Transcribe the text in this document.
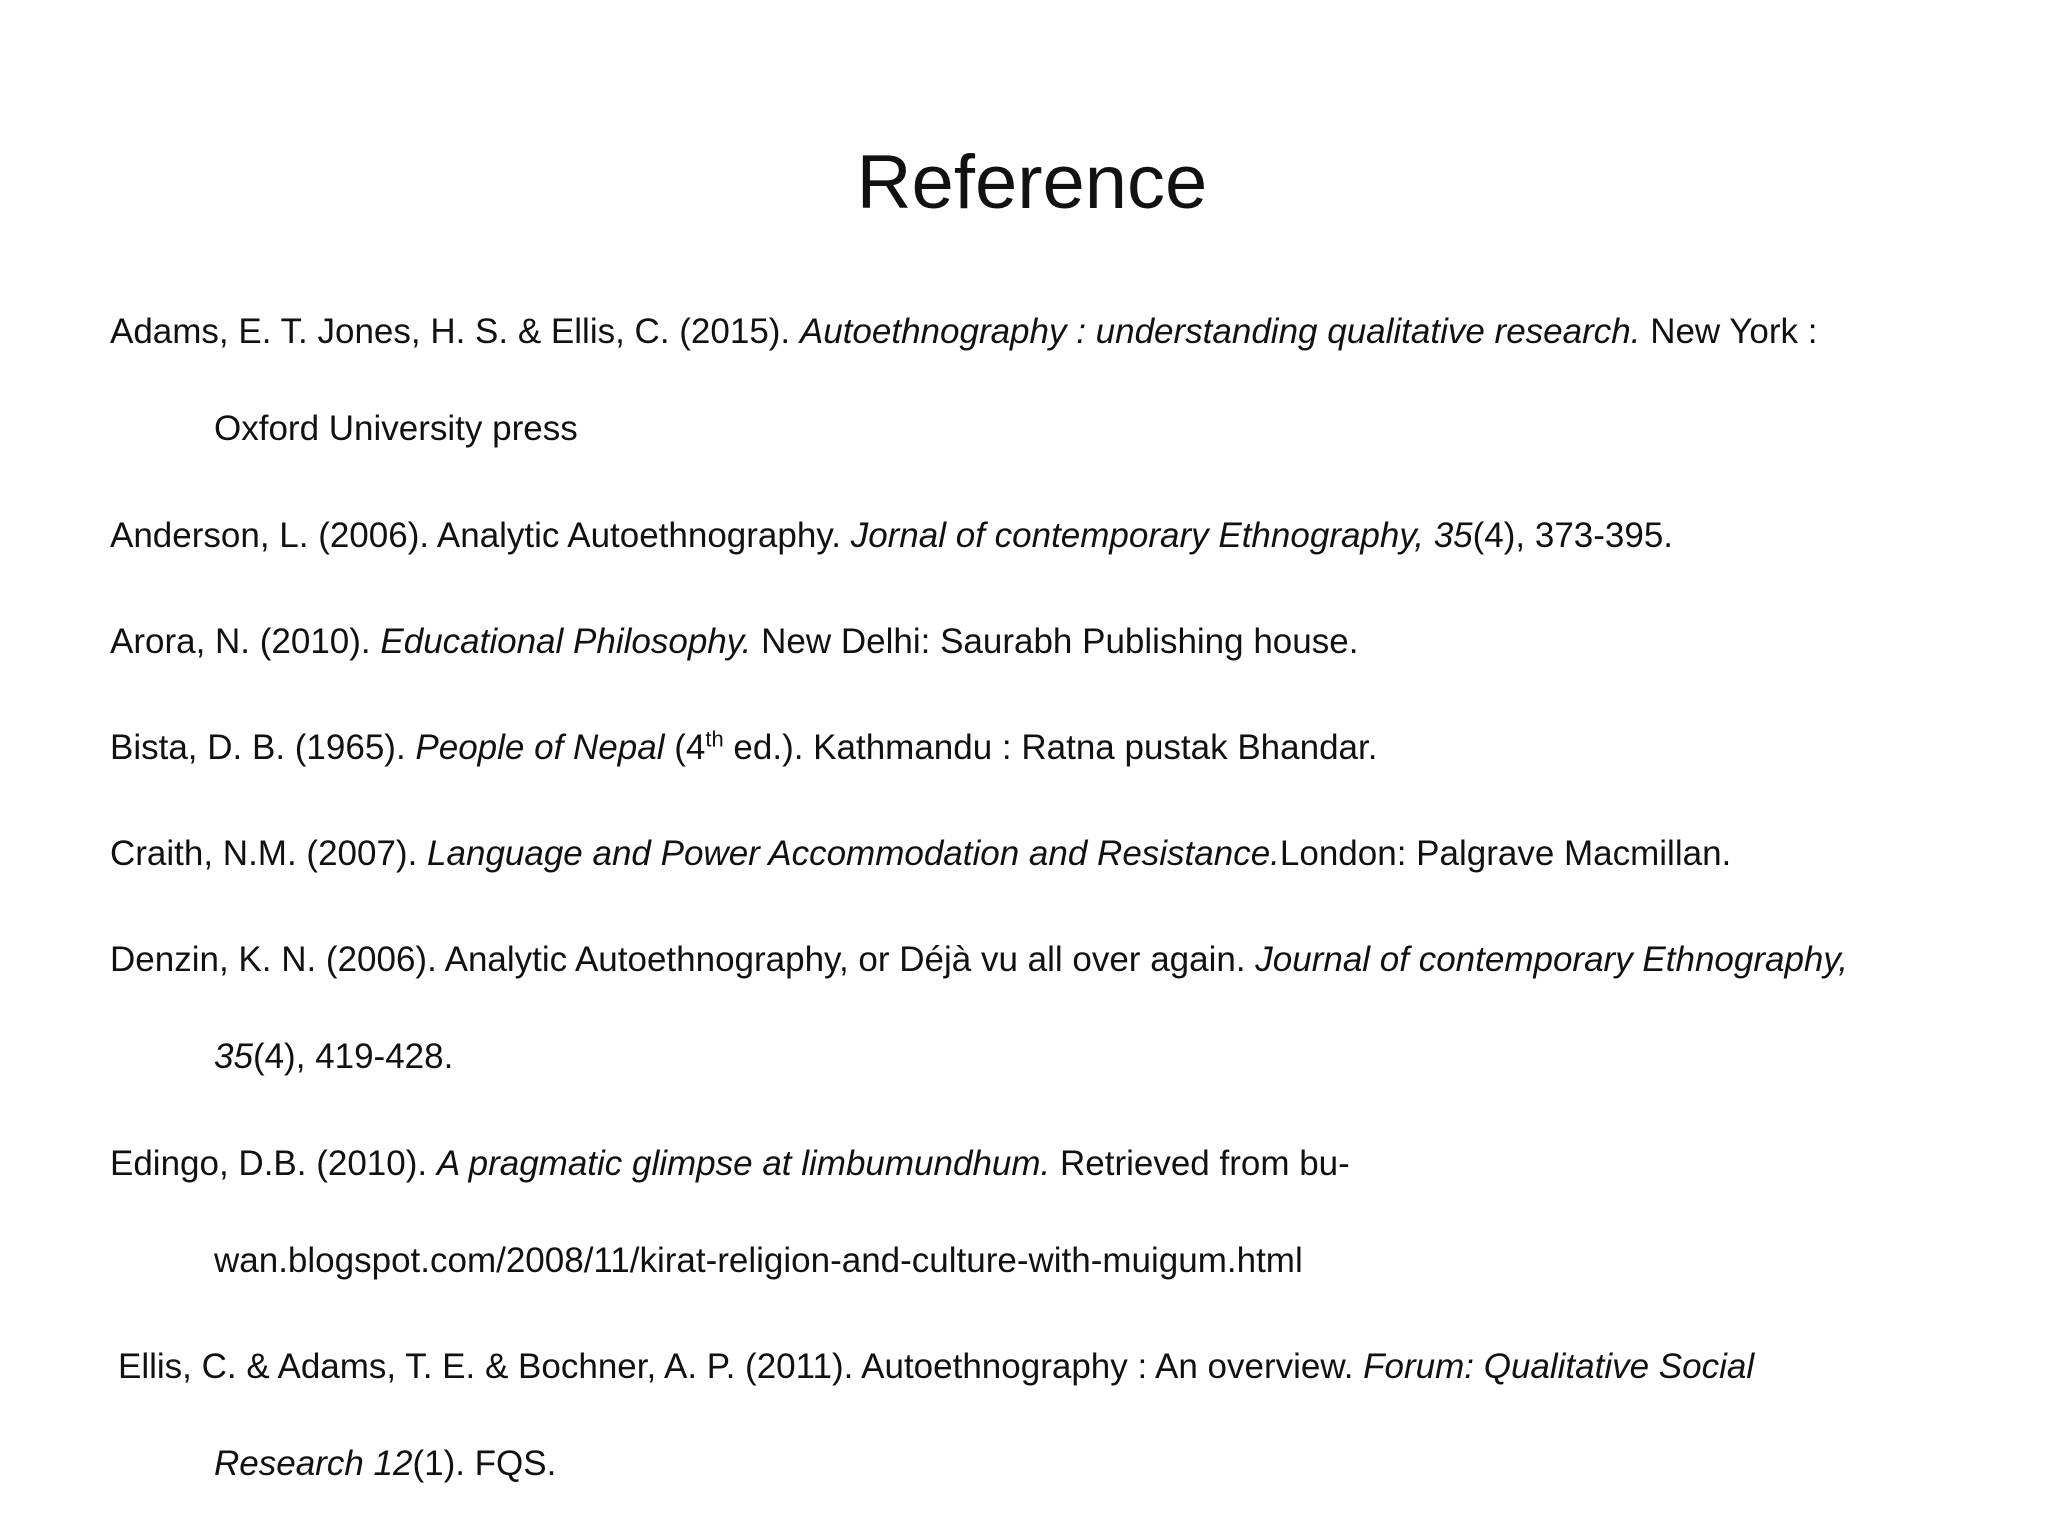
Reference
Adams, E. T. Jones, H. S. & Ellis, C. (2015). Autoethnography : understanding qualitative research. New York :
Oxford University press
Anderson, L. (2006). Analytic Autoethnography. Jornal of contemporary Ethnography, 35(4), 373-395.
Arora, N. (2010). Educational Philosophy. New Delhi: Saurabh Publishing house.
Bista, D. B. (1965). People of Nepal (4th ed.). Kathmandu : Ratna pustak Bhandar.
Craith, N.M. (2007). Language and Power Accommodation and Resistance.London: Palgrave Macmillan.
Denzin, K. N. (2006). Analytic Autoethnography, or Déjà vu all over again. Journal of contemporary Ethnography,
35(4), 419-428.
Edingo, D.B. (2010). A pragmatic glimpse at limbumundhum. Retrieved from bu-
wan.blogspot.com/2008/11/kirat-religion-and-culture-with-muigum.html
Ellis, C. & Adams, T. E. & Bochner, A. P. (2011). Autoethnography : An overview. Forum: Qualitative Social
Research 12(1). FQS.
